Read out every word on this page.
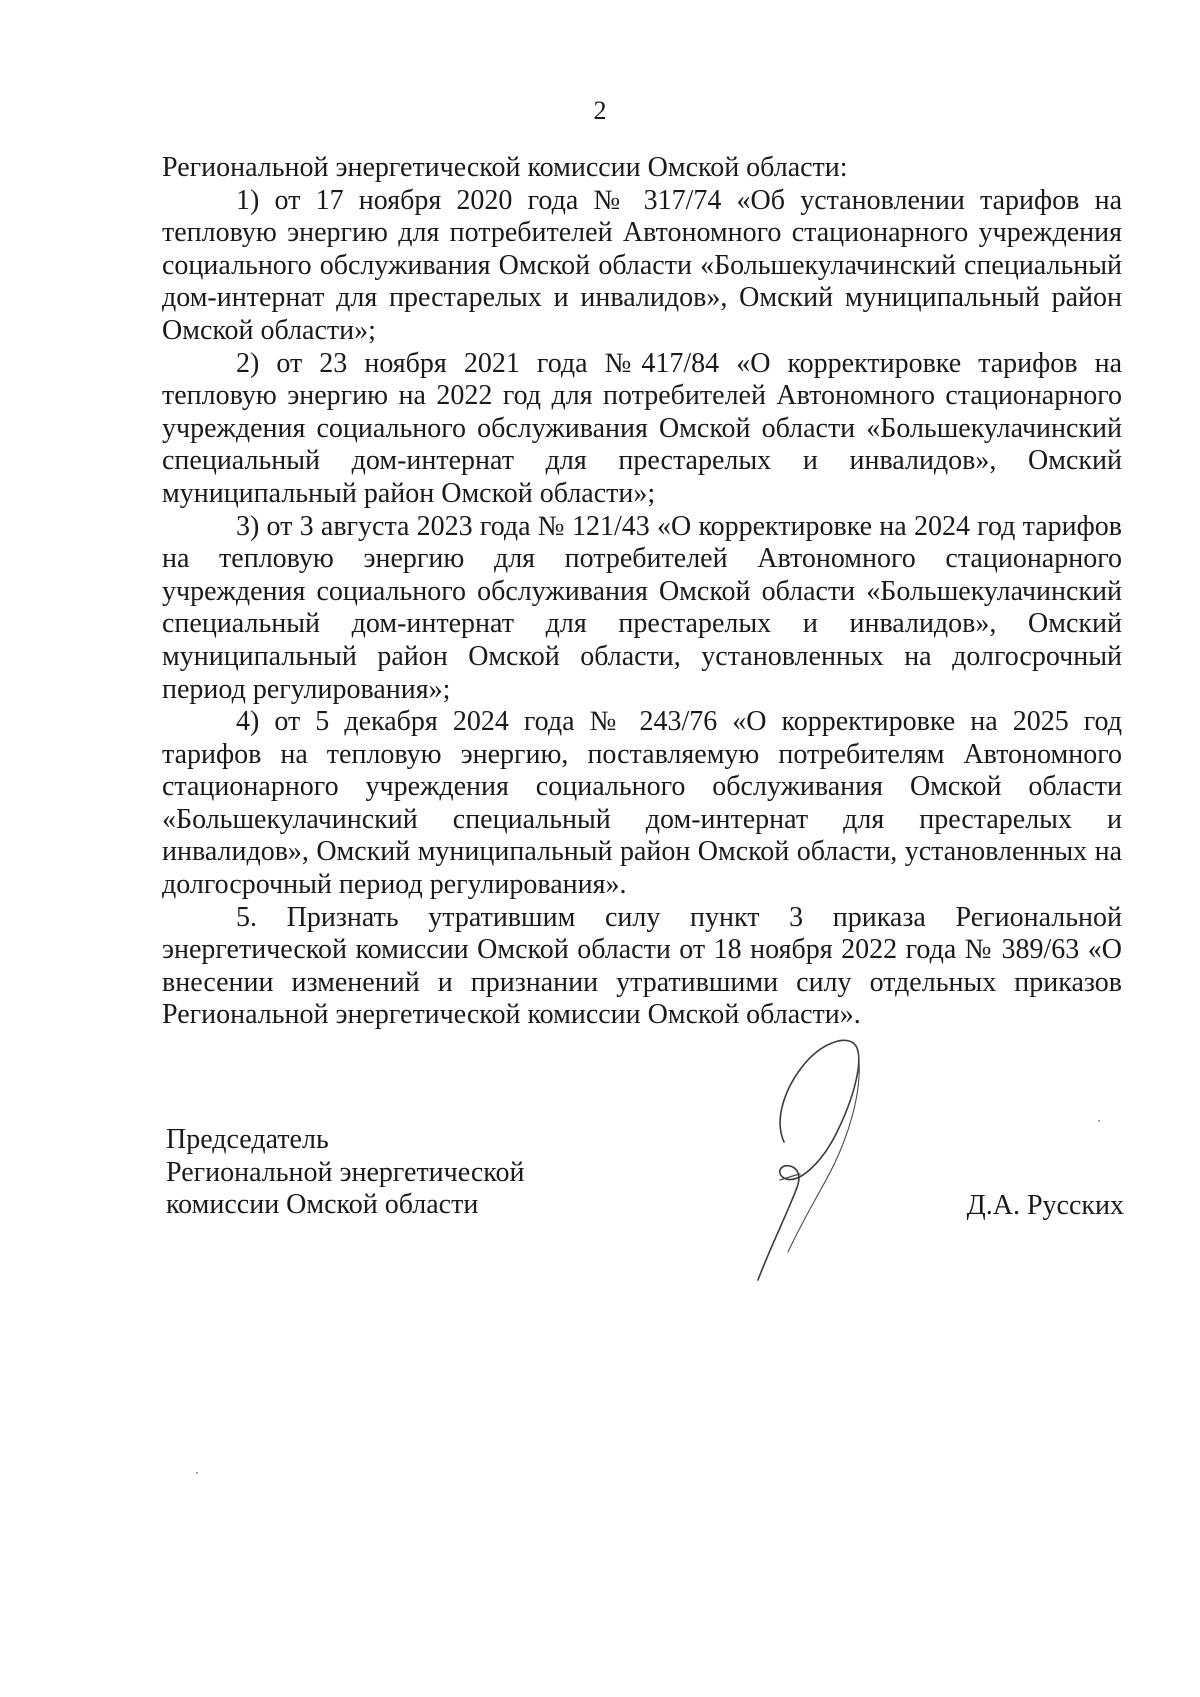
2

Региональной энергетической комиссии Омской области:

1) от 17 ноября 2020 года № 317/74 «Об установлении тарифов на тепловую энергию для потребителей Автономного стационарного учреждения социального обслуживания Омской области «Большекулачинский специальный дом-интернат для престарелых и инвалидов», Омский муниципальный район Омской области»;

2) от 23 ноября 2021 года №417/84 «О корректировке тарифов на тепловую энергию на 2022 год для потребителей Автономного стационарного учреждения социального обслуживания Омской области «Большекулачинский специальный дом-интернат для престарелых и инвалидов», Омский муниципальный район Омской области»;

3) от 3 августа 2023 года № 121/43 «О корректировке на 2024 год тарифов на тепловую энергию для потребителей Автономного стационарного учреждения социального обслуживания Омской области «Большекулачинский специальный дом-интернат для престарелых и инвалидов», Омский муниципальный район Омской области, установленных на долгосрочный период регулирования»;

4) от 5 декабря 2024 года № 243/76 «О корректировке на 2025 год тарифов на тепловую энергию, поставляемую потребителям Автономного стационарного учреждения социального обслуживания Омской области «Большекулачинский специальный дом-интернат для престарелых и инвалидов», Омский муниципальный район Омской области, установленных на долгосрочный период регулирования».

5. Признать утратившим силу пункт 3 приказа Региональной энергетической комиссии Омской области от 18 ноября 2022 года № 389/63 «О внесении изменений и признании утратившими силу отдельных приказов Региональной энергетической комиссии Омской области».

Председатель
Региональной энергетической
комиссии Омской области	Д.А. Русских
